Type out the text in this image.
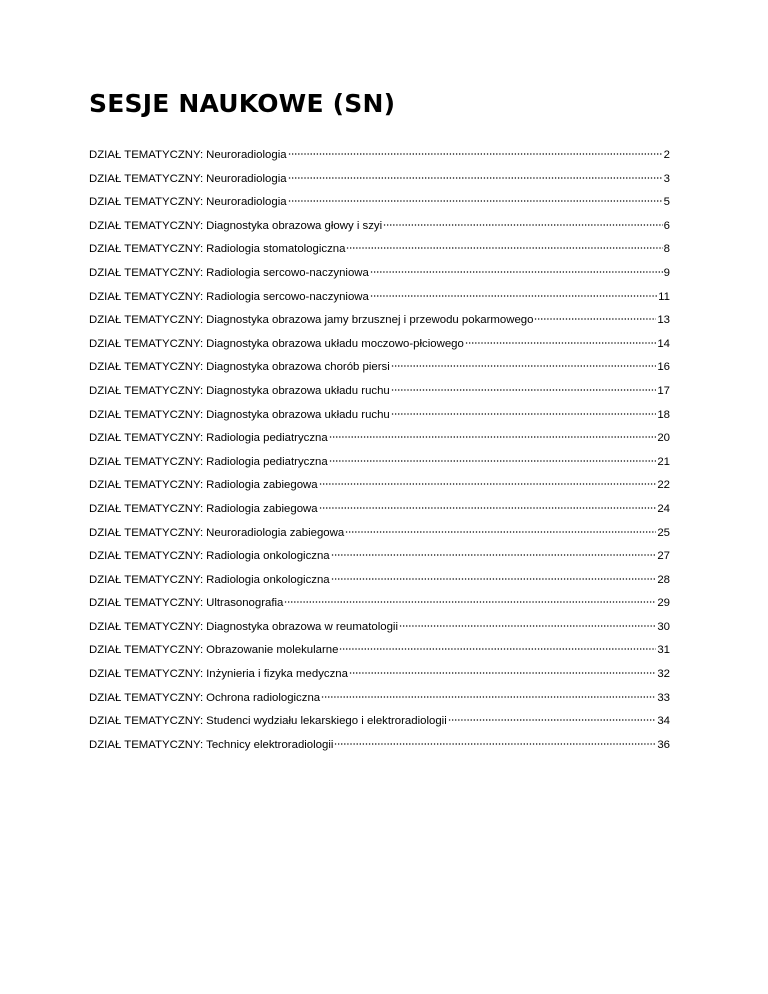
SESJE NAUKOWE (SN)
DZIAŁ TEMATYCZNY: Neuroradiologia	2
DZIAŁ TEMATYCZNY: Neuroradiologia	3
DZIAŁ TEMATYCZNY: Neuroradiologia	5
DZIAŁ TEMATYCZNY: Diagnostyka obrazowa głowy i szyi	6
DZIAŁ TEMATYCZNY: Radiologia stomatologiczna	8
DZIAŁ TEMATYCZNY: Radiologia sercowo-naczyniowa	9
DZIAŁ TEMATYCZNY: Radiologia sercowo-naczyniowa	11
DZIAŁ TEMATYCZNY: Diagnostyka obrazowa jamy brzusznej i przewodu pokarmowego	13
DZIAŁ TEMATYCZNY: Diagnostyka obrazowa układu moczowo-płciowego	14
DZIAŁ TEMATYCZNY: Diagnostyka obrazowa chorób piersi	16
DZIAŁ TEMATYCZNY: Diagnostyka obrazowa układu ruchu	17
DZIAŁ TEMATYCZNY: Diagnostyka obrazowa układu ruchu	18
DZIAŁ TEMATYCZNY: Radiologia pediatryczna	20
DZIAŁ TEMATYCZNY: Radiologia pediatryczna	21
DZIAŁ TEMATYCZNY: Radiologia zabiegowa	22
DZIAŁ TEMATYCZNY: Radiologia zabiegowa	24
DZIAŁ TEMATYCZNY: Neuroradiologia zabiegowa	25
DZIAŁ TEMATYCZNY: Radiologia onkologiczna	27
DZIAŁ TEMATYCZNY: Radiologia onkologiczna	28
DZIAŁ TEMATYCZNY: Ultrasonografia	29
DZIAŁ TEMATYCZNY: Diagnostyka obrazowa w reumatologii	30
DZIAŁ TEMATYCZNY: Obrazowanie molekularne	31
DZIAŁ TEMATYCZNY: Inżynieria i fizyka medyczna	32
DZIAŁ TEMATYCZNY: Ochrona radiologiczna	33
DZIAŁ TEMATYCZNY: Studenci wydziału lekarskiego i elektroradiologii	34
DZIAŁ TEMATYCZNY: Technicy elektroradiologii	36
